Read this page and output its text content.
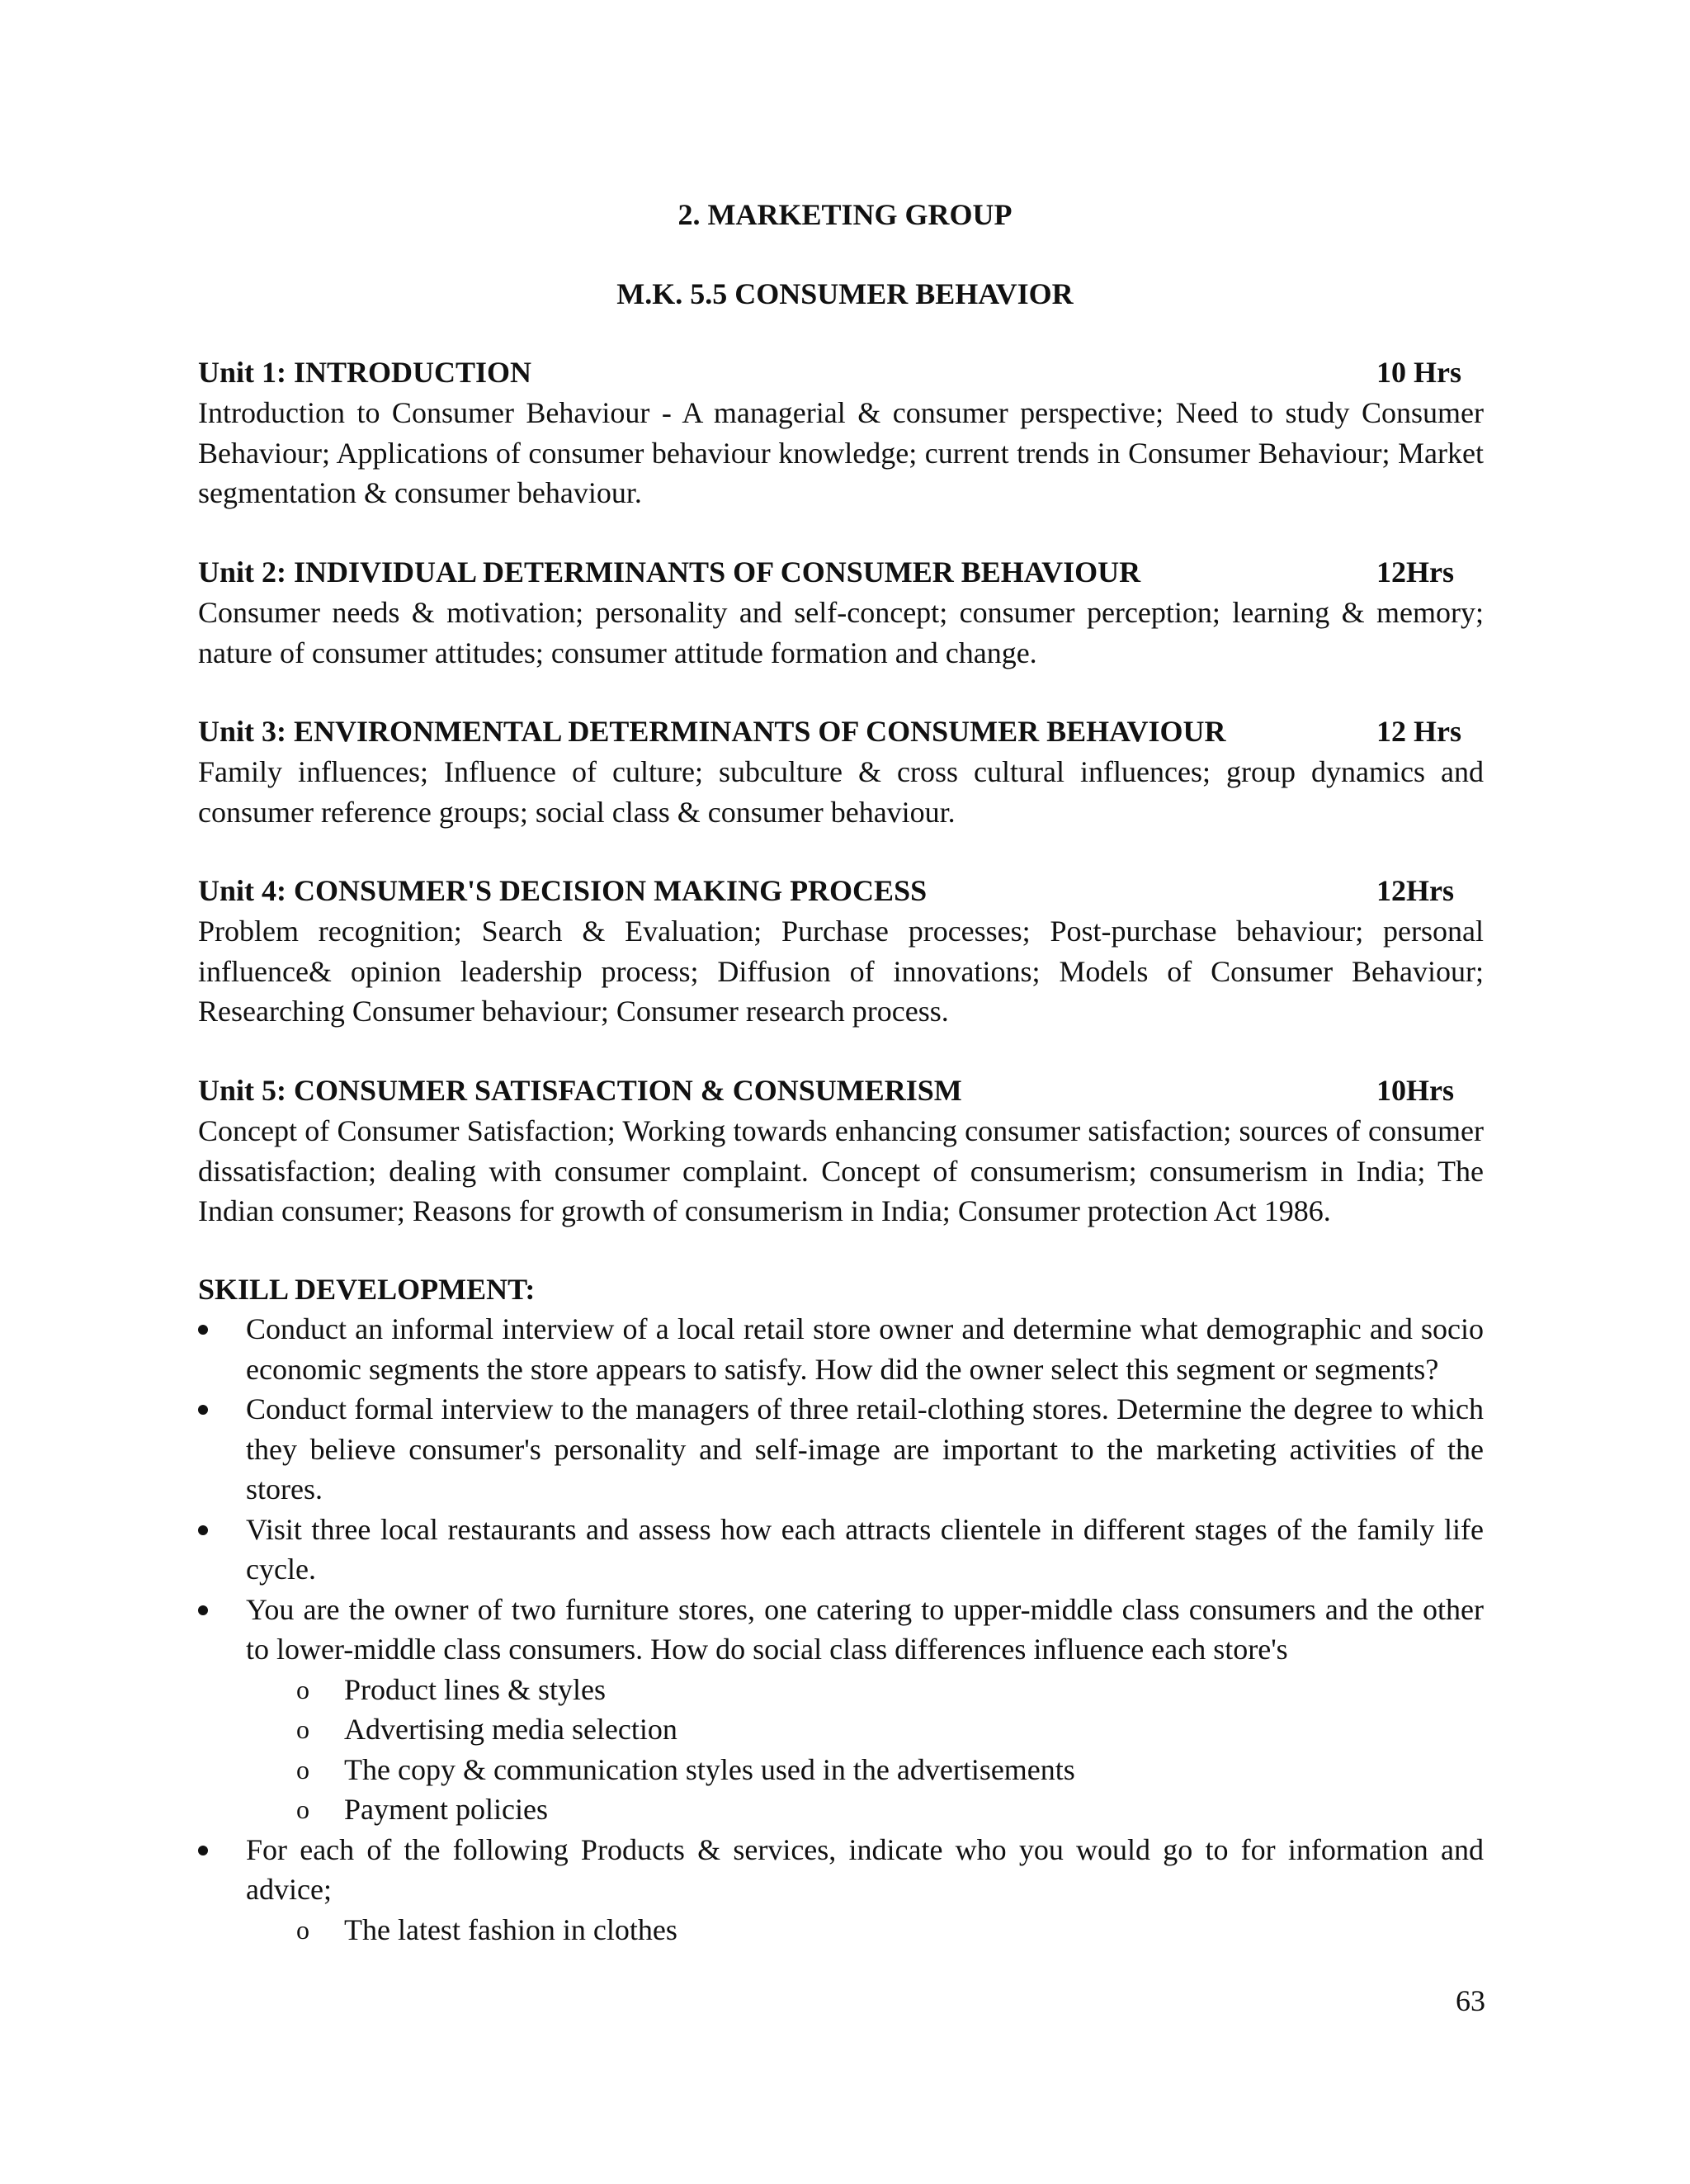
2. MARKETING GROUP
M.K. 5.5 CONSUMER BEHAVIOR
Unit 1: INTRODUCTION	10 Hrs
Introduction to Consumer Behaviour - A managerial & consumer perspective; Need to study Consumer Behaviour; Applications of consumer behaviour knowledge; current trends in Consumer Behaviour; Market segmentation & consumer behaviour.
Unit 2: INDIVIDUAL DETERMINANTS OF CONSUMER BEHAVIOUR	12Hrs
Consumer needs & motivation; personality and self-concept; consumer perception; learning & memory; nature of consumer attitudes; consumer attitude formation and change.
Unit 3: ENVIRONMENTAL DETERMINANTS OF CONSUMER BEHAVIOUR	12 Hrs
Family influences; Influence of culture; subculture & cross cultural influences; group dynamics and consumer reference groups; social class & consumer behaviour.
Unit 4: CONSUMER'S DECISION MAKING PROCESS	12Hrs
Problem recognition; Search & Evaluation; Purchase processes; Post-purchase behaviour; personal influence& opinion leadership process; Diffusion of innovations; Models of Consumer Behaviour; Researching Consumer behaviour; Consumer research process.
Unit 5: CONSUMER SATISFACTION & CONSUMERISM	10Hrs
Concept of Consumer Satisfaction; Working towards enhancing consumer satisfaction; sources of consumer dissatisfaction; dealing with consumer complaint. Concept of consumerism; consumerism in India; The Indian consumer; Reasons for growth of consumerism in India; Consumer protection Act 1986.
SKILL DEVELOPMENT:
Conduct an informal interview of a local retail store owner and determine what demographic and socio economic segments the store appears to satisfy. How did the owner select this segment or segments?
Conduct formal interview to the managers of three retail-clothing stores. Determine the degree to which they believe consumer's personality and self-image are important to the marketing activities of the stores.
Visit three local restaurants and assess how each attracts clientele in different stages of the family life cycle.
You are the owner of two furniture stores, one catering to upper-middle class consumers and the other to lower-middle class consumers. How do social class differences influence each store's
o Product lines & styles
o Advertising media selection
o The copy & communication styles used in the advertisements
o Payment policies
For each of the following Products & services, indicate who you would go to for information and advice;
o The latest fashion in clothes
63
